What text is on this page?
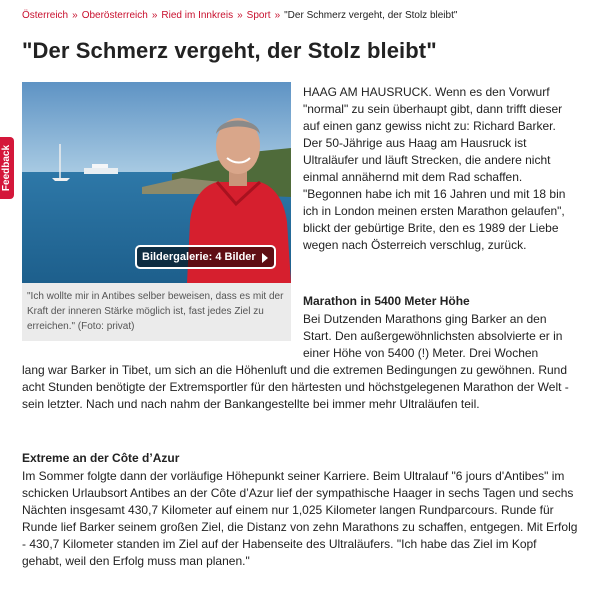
Österreich » Oberösterreich » Ried im Innkreis » Sport » "Der Schmerz vergeht, der Stolz bleibt"
"Der Schmerz vergeht, der Stolz bleibt"
Feedback
Bildergalerie: 4 Bilder
"Ich wollte mir in Antibes selber beweisen, dass es mit der Kraft der inneren Stärke möglich ist, fast jedes Ziel zu erreichen." (Foto: privat)

HAAG AM HAUSRUCK. Wenn es den Vorwurf "normal" zu sein überhaupt gibt, dann trifft dieser auf einen ganz gewiss nicht zu: Richard Barker. Der 50-Jährige aus Haag am Hausruck ist Ultraläufer und läuft Strecken, die andere nicht einmal annähernd mit dem Rad schaffen. "Begonnen habe ich mit 16 Jahren und mit 18 bin ich in London meinen ersten Marathon gelaufen", blickt der gebürtige Brite, den es 1989 der Liebe wegen nach Österreich verschlug, zurück.

Marathon in 5400 Meter Höhe

Bei Dutzenden Marathons ging Barker an den Start. Den außergewöhnlichsten absolvierte er in einer Höhe von 5400 (!) Meter. Drei Wochen

lang war Barker in Tibet, um sich an die Höhenluft und die extremen Bedingungen zu gewöhnen. Rund acht Stunden benötigte der Extremsportler für den härtesten und höchstgelegenen Marathon der Welt - sein letzter. Nach und nach nahm der Bankangestellte bei immer mehr Ultraläufen teil.

Extreme an der Côte d’Azur

Im Sommer folgte dann der vorläufige Höhepunkt seiner Karriere. Beim Ultralauf "6 jours d'Antibes" im schicken Urlaubsort Antibes an der Côte d’Azur lief der sympathische Haager in sechs Tagen und sechs Nächten insgesamt 430,7 Kilometer auf einem nur 1,025 Kilometer langen Rundparcours. Runde für Runde lief Barker seinem großen Ziel, die Distanz von zehn Marathons zu schaffen, entgegen. Mit Erfolg - 430,7 Kilometer standen im Ziel auf der Habenseite des Ultraläufers. "Ich habe das Ziel im Kopf gehabt, weil den Erfolg muss man planen."
